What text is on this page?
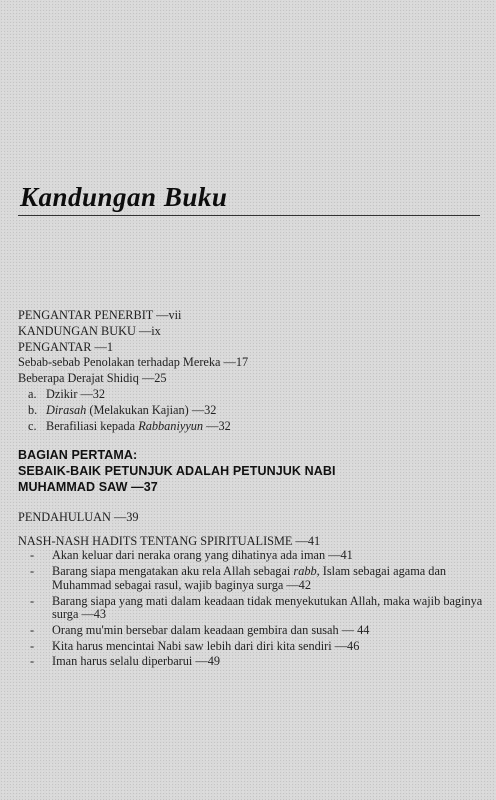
Kandungan Buku
PENGANTAR PENERBIT —vii
KANDUNGAN BUKU —ix
PENGANTAR —1
Sebab-sebab Penolakan terhadap Mereka —17
Beberapa Derajat Shidiq —25
a. Dzikir —32
b. Dirasah (Melakukan Kajian) —32
c. Berafiliasi kepada Rabbaniyyun —32
BAGIAN PERTAMA:
SEBAIK-BAIK PETUNJUK ADALAH PETUNJUK NABI
MUHAMMAD SAW —37
PENDAHULUAN —39
NASH-NASH HADITS TENTANG SPIRITUALISME —41
- Akan keluar dari neraka orang yang dihatinya ada iman —41
- Barang siapa mengatakan aku rela Allah sebagai rabb, Islam sebagai agama dan Muhammad sebagai rasul, wajib baginya surga —42
- Barang siapa yang mati dalam keadaan tidak menyekutukan Allah, maka wajib baginya surga —43
- Orang mu'min bersebar dalam keadaan gembira dan susah — 44
- Kita harus mencintai Nabi saw lebih dari diri kita sendiri —46
- Iman harus selalu diperbarui —49
